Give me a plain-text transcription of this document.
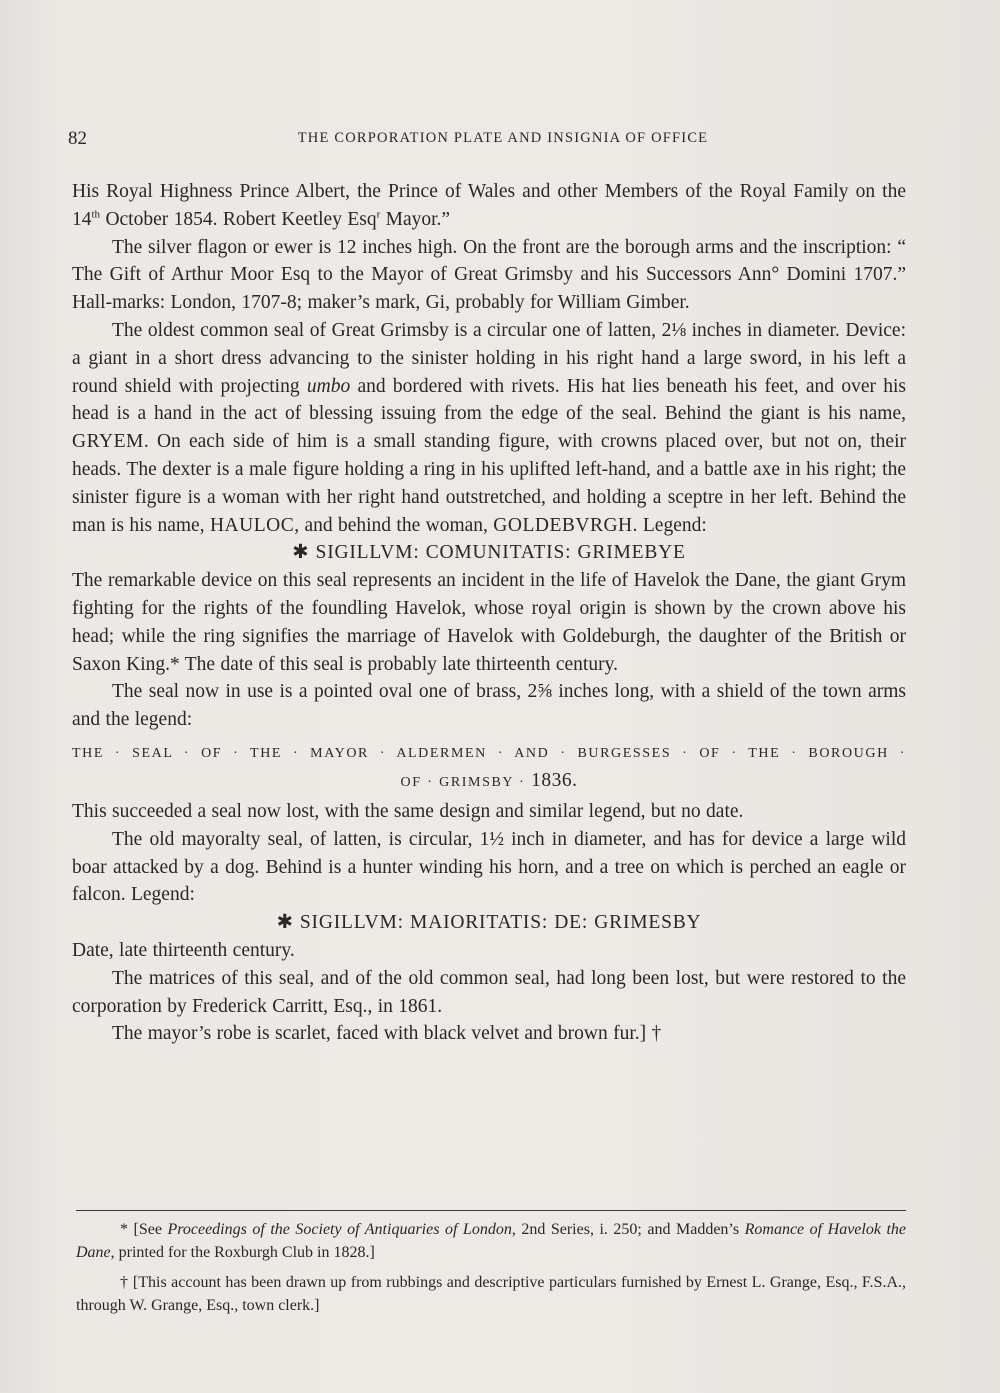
82	THE CORPORATION PLATE AND INSIGNIA OF OFFICE

His Royal Highness Prince Albert, the Prince of Wales and other Members of the Royal Family on the 14th October 1854. Robert Keetley Esq$^r$ Mayor.”

The silver flagon or ewer is 12 inches high. On the front are the borough arms and the inscription: “ The Gift of Arthur Moor Esq to the Mayor of Great Grimsby and his Successors Ann° Domini 1707.” Hall-marks: London, 1707-8; maker’s mark, Gi, probably for William Gimber.

The oldest common seal of Great Grimsby is a circular one of latten, 2⅛ inches in diameter. Device: a giant in a short dress advancing to the sinister holding in his right hand a large sword, in his left a round shield with projecting umbo and bordered with rivets. His hat lies beneath his feet, and over his head is a hand in the act of blessing issuing from the edge of the seal. Behind the giant is his name, GRYEM. On each side of him is a small standing figure, with crowns placed over, but not on, their heads. The dexter is a male figure holding a ring in his uplifted left-hand, and a battle axe in his right; the sinister figure is a woman with her right hand outstretched, and holding a sceptre in her left. Behind the man is his name, HAULOC, and behind the woman, GOLDEBVRGH. Legend:

✱ SIGILLVM: COMUNITATIS: GRIMEBYE

The remarkable device on this seal represents an incident in the life of Havelok the Dane, the giant Grym fighting for the rights of the foundling Havelok, whose royal origin is shown by the crown above his head; while the ring signifies the marriage of Havelok with Goldeburgh, the daughter of the British or Saxon King.* The date of this seal is probably late thirteenth century.

The seal now in use is a pointed oval one of brass, 2⅝ inches long, with a shield of the town arms and the legend:

THE · SEAL · OF · THE · MAYOR · ALDERMEN · AND · BURGESSES · OF · THE · BOROUGH ·
OF · GRIMSBY · 1836.

This succeeded a seal now lost, with the same design and similar legend, but no date.

The old mayoralty seal, of latten, is circular, 1½ inch in diameter, and has for device a large wild boar attacked by a dog. Behind is a hunter winding his horn, and a tree on which is perched an eagle or falcon. Legend:

✱ SIGILLVM: MAIORITATIS: DE: GRIMESBY

Date, late thirteenth century.

The matrices of this seal, and of the old common seal, had long been lost, but were restored to the corporation by Frederick Carritt, Esq., in 1861.

The mayor’s robe is scarlet, faced with black velvet and brown fur.] †

* [See Proceedings of the Society of Antiquaries of London, 2nd Series, i. 250; and Madden’s Romance of Havelok the Dane, printed for the Roxburgh Club in 1828.]

† [This account has been drawn up from rubbings and descriptive particulars furnished by Ernest L. Grange, Esq., F.S.A., through W. Grange, Esq., town clerk.]
